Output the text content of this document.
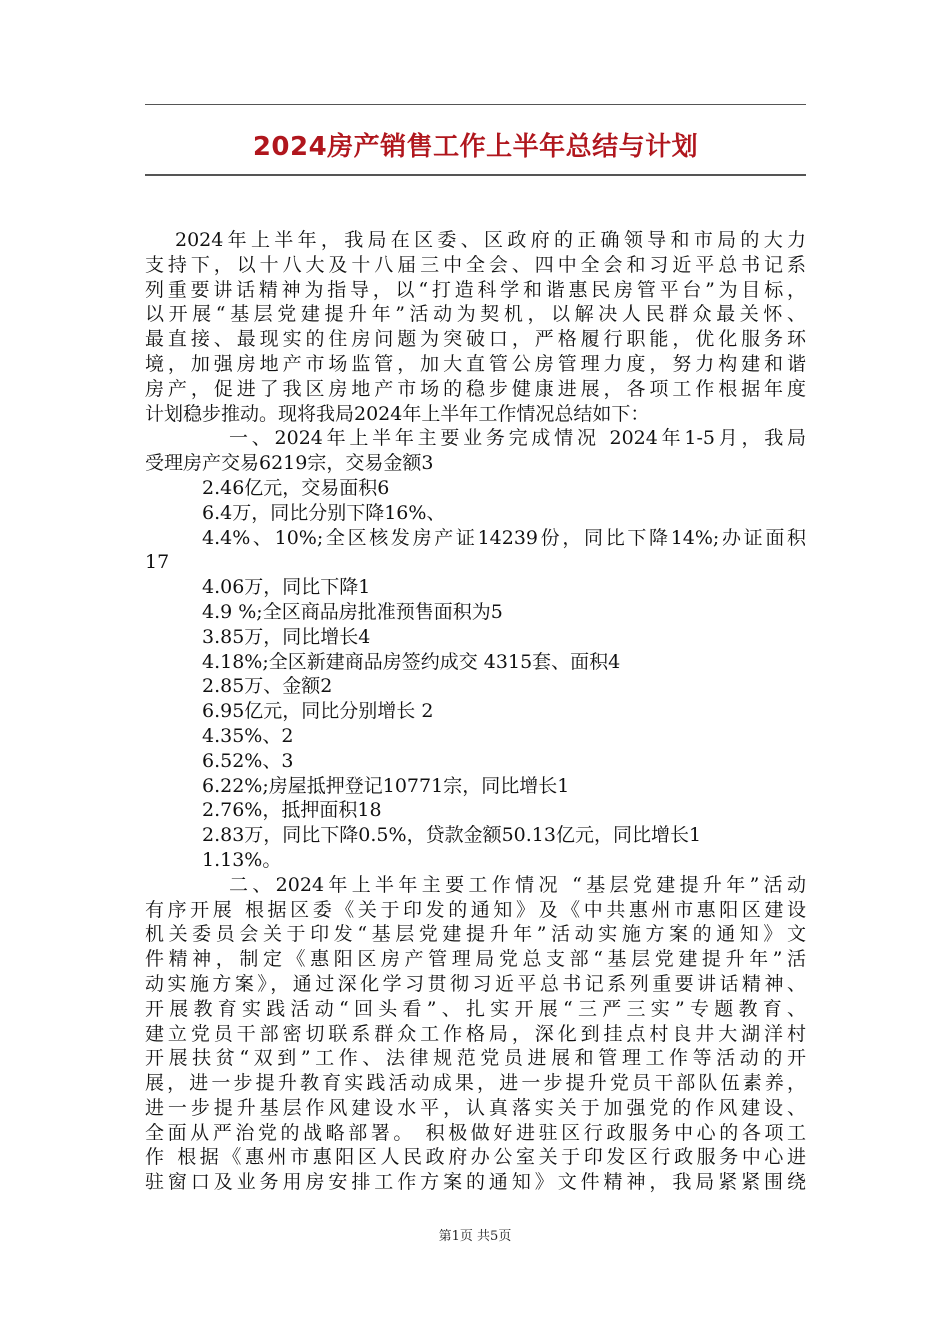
2024房产销售工作上半年总结与计划
2024年上半年，我局在区委、区政府的正确领导和市局的大力
支持下，以十八大及十八届三中全会、四中全会和习近平总书记系
列重要讲话精神为指导，以“打造科学和谐惠民房管平台”为目标，
以开展“基层党建提升年”活动为契机，以解决人民群众最关怀、
最直接、最现实的住房问题为突破口，严格履行职能，优化服务环
境，加强房地产市场监管，加大直管公房管理力度，努力构建和谐
房产，促进了我区房地产市场的稳步健康进展，各项工作根据年度
计划稳步推动。现将我局2024年上半年工作情况总结如下：
一、2024年上半年主要业务完成情况 2024年1-5月，我局
受理房产交易6219宗，交易金额3
2.46亿元，交易面积6
6.4万，同比分别下降16%、
4.4%、10%;全区核发房产证14239份，同比下降14%;办证面积
17
4.06万，同比下降1
4.9 %;全区商品房批准预售面积为5
3.85万，同比增长4
4.18%;全区新建商品房签约成交 4315套、面积4
2.85万、金额2
6.95亿元，同比分别增长 2
4.35%、2
6.52%、3
6.22%;房屋抵押登记10771宗，同比增长1
2.76%，抵押面积18
2.83万，同比下降0.5%，贷款金额50.13亿元，同比增长1
1.13%。
二、2024年上半年主要工作情况 “基层党建提升年”活动
有序开展 根据区委《关于印发的通知》及《中共惠州市惠阳区建设
机关委员会关于印发“基层党建提升年”活动实施方案的通知》文
件精神，制定《惠阳区房产管理局党总支部“基层党建提升年”活
动实施方案》，通过深化学习贯彻习近平总书记系列重要讲话精神、
开展教育实践活动“回头看”、扎实开展“三严三实”专题教育、
建立党员干部密切联系群众工作格局，深化到挂点村良井大湖洋村
开展扶贫“双到”工作、法律规范党员进展和管理工作等活动的开
展，进一步提升教育实践活动成果，进一步提升党员干部队伍素养，
进一步提升基层作风建设水平，认真落实关于加强党的作风建设、
全面从严治党的战略部署。 积极做好进驻区行政服务中心的各项工
作 根据《惠州市惠阳区人民政府办公室关于印发区行政服务中心进
驻窗口及业务用房安排工作方案的通知》文件精神，我局紧紧围绕
第1页 共5页
